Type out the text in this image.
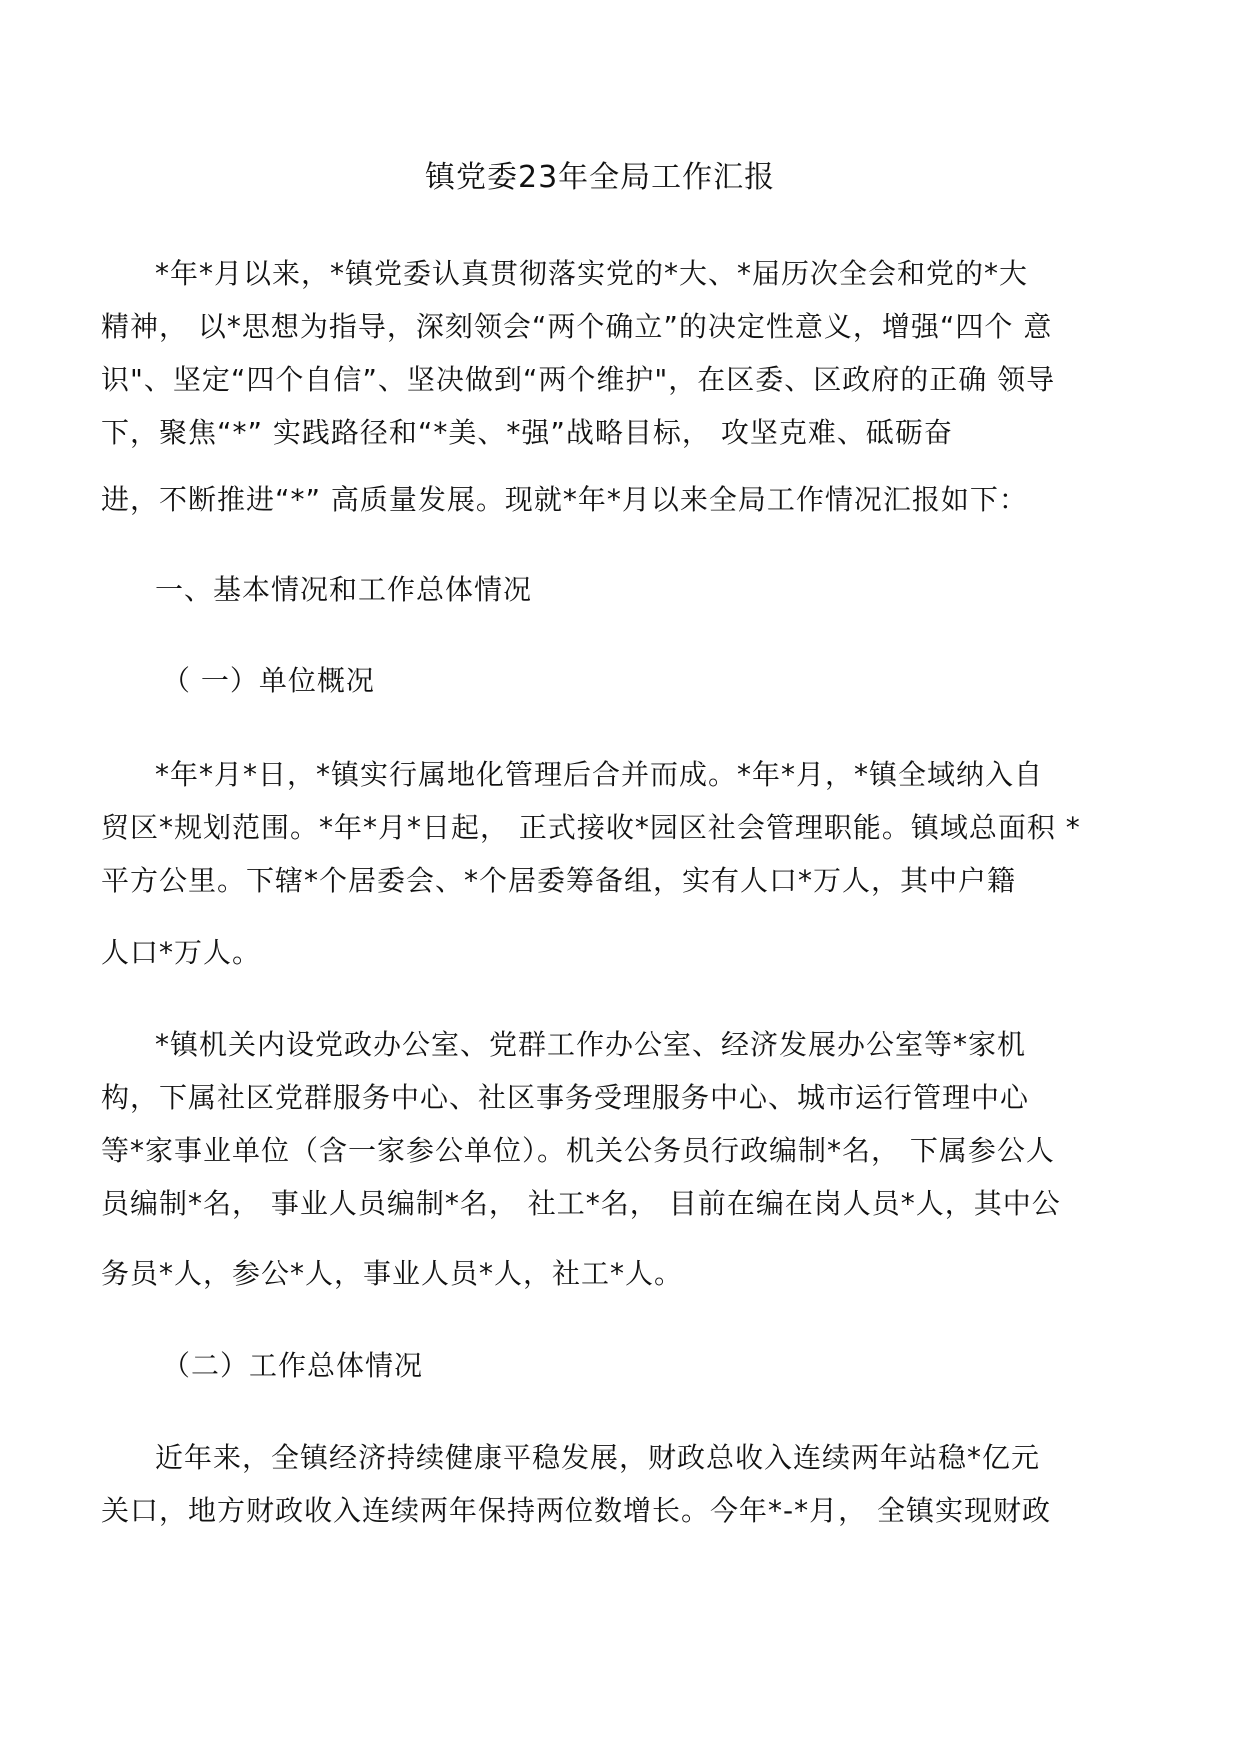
镇党委23年全局工作汇报
*年*月以来，*镇党委认真贯彻落实党的*大、*届历次全会和党的*大
精神， 以*思想为指导，深刻领会“两个确立”的决定性意义，增强“四个 意
识"、坚定“四个自信”、坚决做到“两个维护"，在区委、区政府的正确 领导
下，聚焦“*” 实践路径和“*美、*强”战略目标， 攻坚克难、砥砺奋
进，不断推进“*” 高质量发展。现就*年*月以来全局工作情况汇报如下：
一、基本情况和工作总体情况
（ 一）单位概况
*年*月*日，*镇实行属地化管理后合并而成。*年*月，*镇全域纳入自
贸区*规划范围。*年*月*日起， 正式接收*园区社会管理职能。镇域总面积 *
平方公里。下辖*个居委会、*个居委筹备组，实有人口*万人，其中户籍
人口*万人。
*镇机关内设党政办公室、党群工作办公室、经济发展办公室等*家机
构，下属社区党群服务中心、社区事务受理服务中心、城市运行管理中心
等*家事业单位（含一家参公单位）。机关公务员行政编制*名， 下属参公人
员编制*名， 事业人员编制*名， 社工*名， 目前在编在岗人员*人，其中公
务员*人，参公*人，事业人员*人，社工*人。
（二）工作总体情况
近年来，全镇经济持续健康平稳发展，财政总收入连续两年站稳*亿元
关口，地方财政收入连续两年保持两位数增长。今年*-*月， 全镇实现财政
